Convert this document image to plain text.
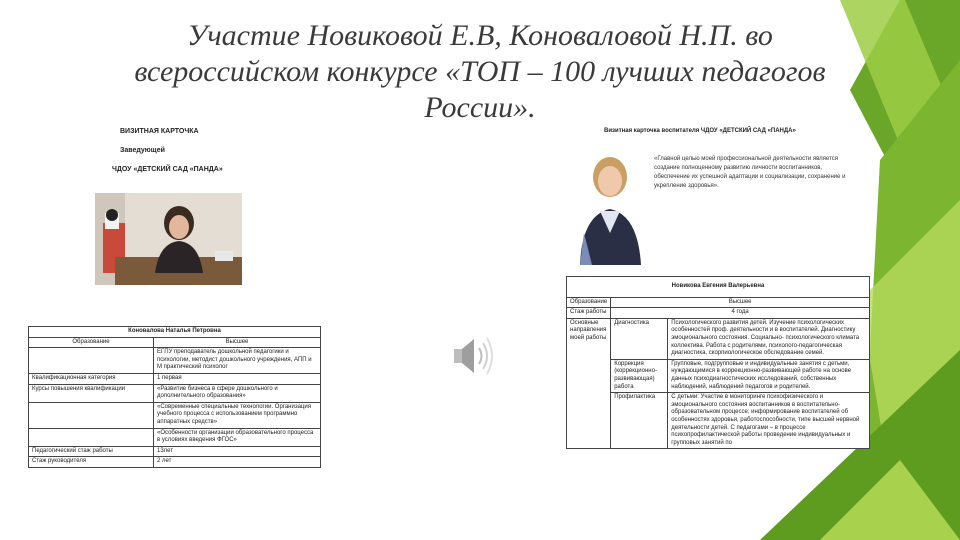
Участие Новиковой Е.В, Коноваловой Н.П. во
всероссийском конкурсе «ТОП – 100 лучших педагогов
России».
ВИЗИТНАЯ КАРТОЧКА
Заведующей
ЧДОУ «ДЕТСКИЙ САД «ПАНДА»
Коновалова Наталья Петровна	
Образование	Высшее
	ЕГПУ преподаватель дошкольной педагогики и психологии, методист дошкольного учреждения, АПП и М практический психолог
Квалификационная категория	1 первая
Курсы повышения квалификации	«Развитие бизнеса в сфере дошкольного и дополнительного образования»
	«Современные специальные технологии. Организация учебного процесса с использованием программно аппаратных средств»
	«Особенности организации образовательного процесса в условиях введения ФГОС»
Педагогический стаж работы	13лет
Стаж руководителя	2 лет
Визитная карточка воспитателя ЧДОУ «ДЕТСКИЙ САД «ПАНДА»
«Главной целью моей профессиональной деятельности является создание полноценному развитию личности воспитанников, обеспечение их успешной адаптации и социализации, сохранение и укрепление здоровья».
Новикова Евгения Валерьевна		
Образование	Высшее	
Стаж работы	4 года	
Основные направления моей работы	Диагностика	Психологического развития детей. Изучение психологических особенностей проф. деятельности и в воспитателей. Диагностику эмоционального состояния. Социально- психологического климата коллектива. Работа с родителями, психолого-педагогическая диагностика, скорпиологическое обследование семей.
	Коррекция (коррекционно-развивающая) работа	Групповые, подгрупповые и индивидуальные занятия с детьми, нуждающимися в коррекционно-развивающей работе на основе данных психодиагностических исследований, собственных наблюдений, наблюдений педагогов и родителей.
	Профилактика	С детьми: Участие в мониторинге психофизического и эмоционального состояния воспитанников в воспитательно-образовательном процессе; информирование воспитателей об особенностях здоровья, работоспособности, типе высшей нервной деятельности детей. С педагогами – в процессе психопрофилактической работы проведение индивидуальных и групповых занятий по
